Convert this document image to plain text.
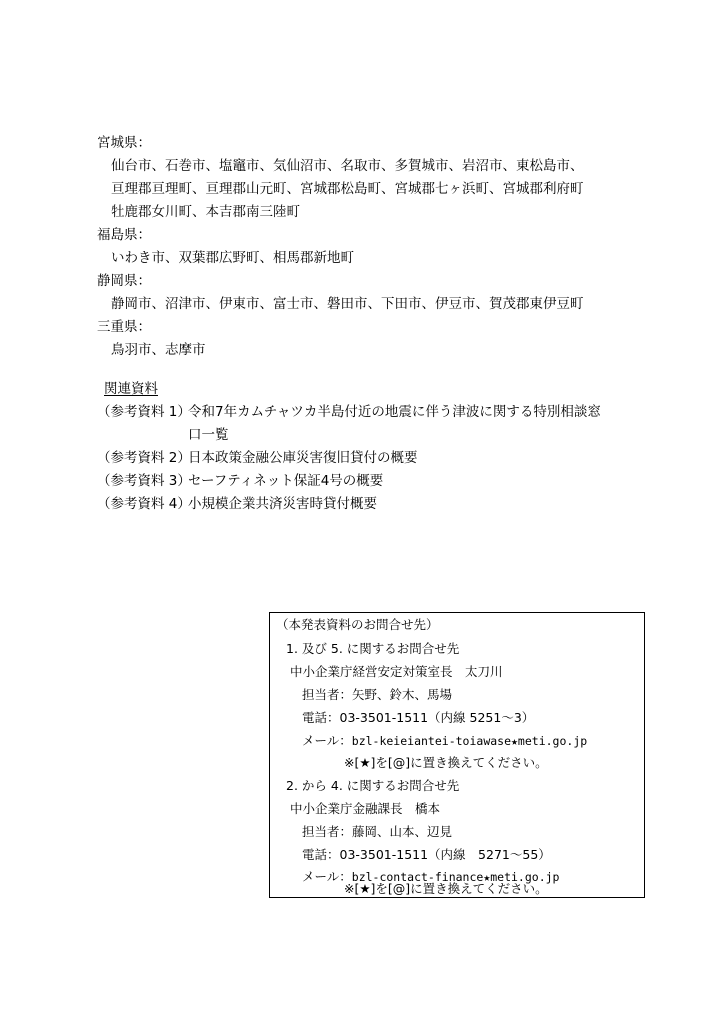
宮城県：
仙台市、石巻市、塩竈市、気仙沼市、名取市、多賀城市、岩沼市、東松島市、
亘理郡亘理町、亘理郡山元町、宮城郡松島町、宮城郡七ヶ浜町、宮城郡利府町
牡鹿郡女川町、本吉郡南三陸町
福島県：
いわき市、双葉郡広野町、相馬郡新地町
静岡県：
静岡市、沼津市、伊東市、富士市、磐田市、下田市、伊豆市、賀茂郡東伊豆町
三重県：
鳥羽市、志摩市
関連資料
（参考資料 1）
令和7年カムチャツカ半島付近の地震に伴う津波に関する特別相談窓
口一覧
（参考資料 2）
日本政策金融公庫災害復旧貸付の概要
（参考資料 3）
セーフティネット保証4号の概要
（参考資料 4）
小規模企業共済災害時貸付概要
（本発表資料のお問合せ先）
1. 及び 5. に関するお問合せ先
中小企業庁経営安定対策室長　太刀川
担当者：矢野、鈴木、馬場
電話：03-3501-1511（内線 5251～3）
メール：bzl-keieiantei-toiawase★meti.go.jp
※[★]を[@]に置き換えてください。
2. から 4. に関するお問合せ先
中小企業庁金融課長　橋本
担当者：藤岡、山本、辺見
電話：03-3501-1511（内線　5271～55）
メール：bzl-contact-finance★meti.go.jp
※[★]を[@]に置き換えてください。
